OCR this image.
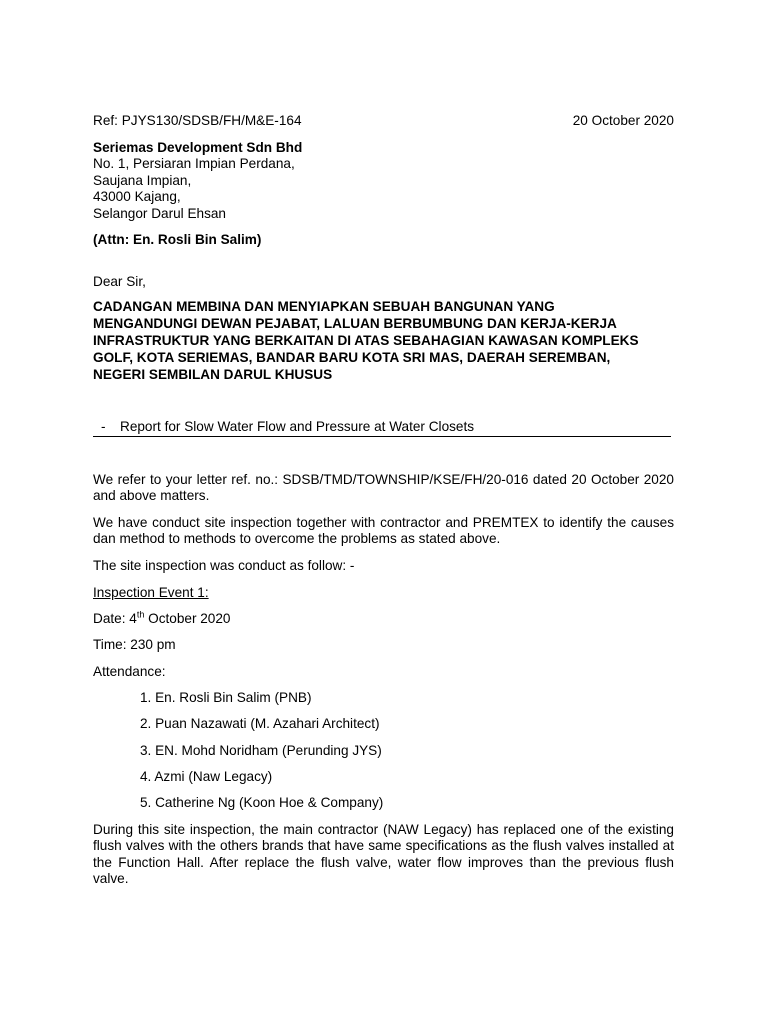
Ref: PJYS130/SDSB/FH/M&E-164	20 October 2020
Seriemas Development Sdn Bhd
No. 1, Persiaran Impian Perdana,
Saujana Impian,
43000 Kajang,
Selangor Darul Ehsan
(Attn: En. Rosli Bin Salim)
Dear Sir,
CADANGAN MEMBINA DAN MENYIAPKAN SEBUAH BANGUNAN YANG
MENGANDUNGI DEWAN PEJABAT, LALUAN BERBUMBUNG DAN KERJA-KERJA
INFRASTRUKTUR YANG BERKAITAN DI ATAS SEBAHAGIAN KAWASAN KOMPLEKS
GOLF, KOTA SERIEMAS, BANDAR BARU KOTA SRI MAS, DAERAH SEREMBAN,
NEGERI SEMBILAN DARUL KHUSUS
- Report for Slow Water Flow and Pressure at Water Closets
We refer to your letter ref. no.: SDSB/TMD/TOWNSHIP/KSE/FH/20-016 dated 20 October 2020 and above matters.
We have conduct site inspection together with contractor and PREMTEX to identify the causes dan method to methods to overcome the problems as stated above.
The site inspection was conduct as follow: -
Inspection Event 1:
Date: 4th October 2020
Time: 230 pm
Attendance:
1. En. Rosli Bin Salim (PNB)
2. Puan Nazawati (M. Azahari Architect)
3. EN. Mohd Noridham (Perunding JYS)
4. Azmi (Naw Legacy)
5. Catherine Ng (Koon Hoe & Company)
During this site inspection, the main contractor (NAW Legacy) has replaced one of the existing flush valves with the others brands that have same specifications as the flush valves installed at the Function Hall. After replace the flush valve, water flow improves than the previous flush valve.
